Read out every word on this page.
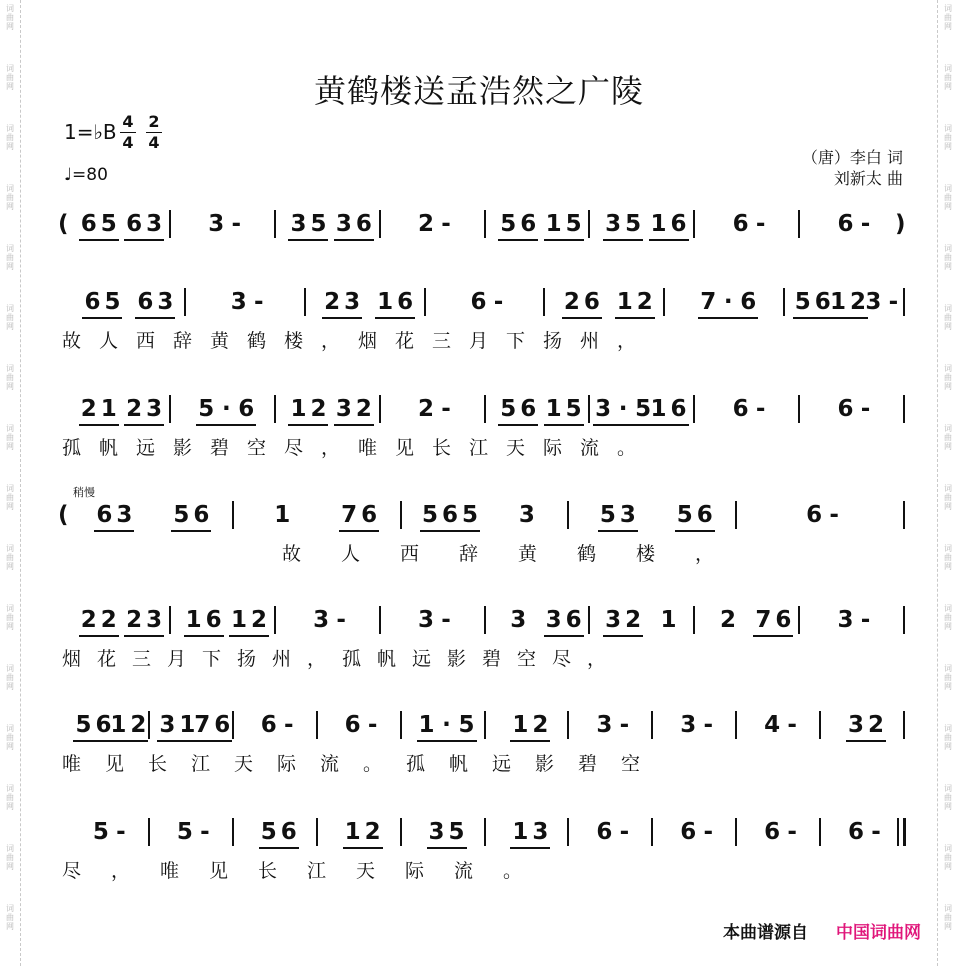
词
曲
网
词
曲
网
词
曲
网
词
曲
网
词
曲
网
词
曲
网
词
曲
网
词
曲
网
词
曲
网
词
曲
网
词
曲
网
词
曲
网
词
曲
网
词
曲
网
词
曲
网
词
曲
网
词
曲
网
词
曲
网
词
曲
网
词
曲
网
词
曲
网
词
曲
网
词
曲
网
词
曲
网
词
曲
网
词
曲
网
词
曲
网
词
曲
网
词
曲
网
词
曲
网
词
曲
网
词
曲
网
黄鹤楼送孟浩然之广陵
1=♭B $\frac{4}{4} \frac{2}{4}$
♩=80
（唐）李白 词
刘新太 曲
稍慢
( 6 5 6 3 3 - 3 5 3 6 2 - 5 6 1 5 3 5 1 6 6 -	6 - )
6 5 6 3 3 -	2 3 1 6 6 -	2 6 1 2 7 · 6 5 6 1 2 3 -
故人西辞黄鹤楼，烟花三月下扬州，
2 1 2 3 5 · 6 1 2 3 2 2 - 5 6 1 5 3 · 5 1 6 6 -	6 -
孤帆远影碧空尽，唯见长江天际流。
( 6 3 5 6	1 7 6 5 6 5 3	5 3 5 6	6 -
故人西辞黄鹤楼，
2 2 2 3 1 6 1 2 3 -	3 -	3 3 6 3 2 1 2 7 6 3 -
烟花三月下扬州，孤帆远影碧空尽，
5 6
1 2 3 1
7 6 6 - 6 - 1 · 5 1 2 3 - 3 - 4 - 3 2
唯见长江天际流。孤帆远影碧空
5 - 5 - 5 6 1 2 3 5 1 3 6 - 6 - 6 - 6 -
尽，唯见长江天际流。
本曲谱源自 中国词曲网
